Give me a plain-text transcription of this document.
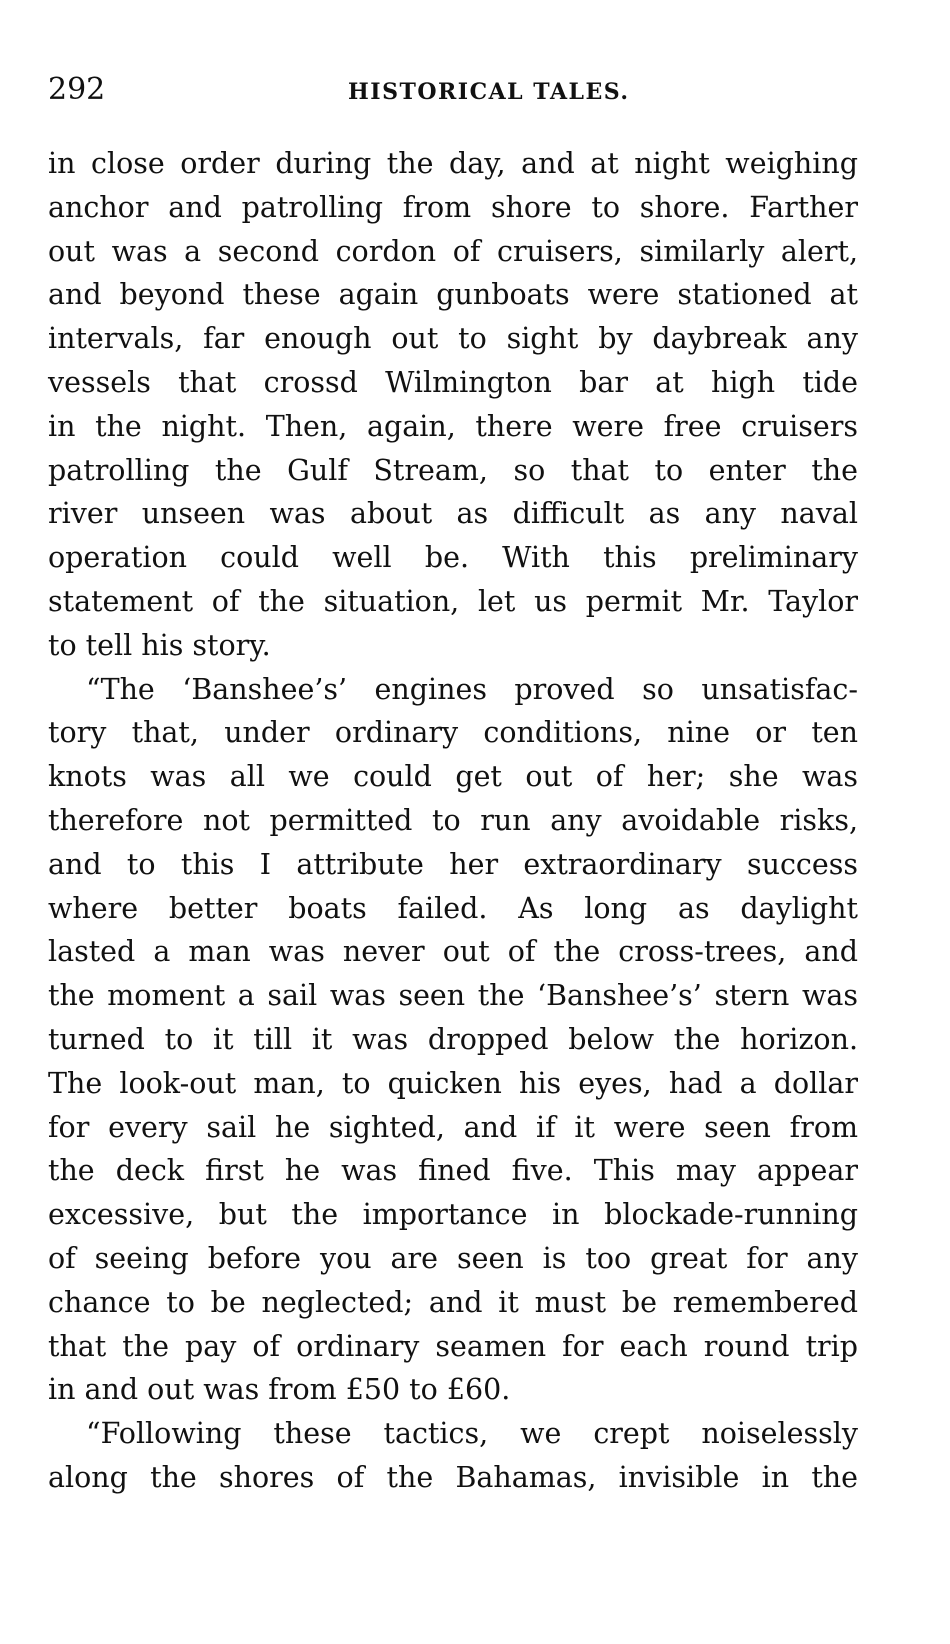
292	HISTORICAL TALES.
in close order during the day, and at night weighing
anchor and patrolling from shore to shore. Farther
out was a second cordon of cruisers, similarly alert,
and beyond these again gunboats were stationed at
intervals, far enough out to sight by daybreak any
vessels that crossd Wilmington bar at high tide
in the night. Then, again, there were free cruisers
patrolling the Gulf Stream, so that to enter the
river unseen was about as difficult as any naval
operation could well be. With this preliminary
statement of the situation, let us permit Mr. Taylor
to tell his story.
“The ‘Banshee’s’ engines proved so unsatisfac-
tory that, under ordinary conditions, nine or ten
knots was all we could get out of her; she was
therefore not permitted to run any avoidable risks,
and to this I attribute her extraordinary success
where better boats failed. As long as daylight
lasted a man was never out of the cross-trees, and
the moment a sail was seen the ‘Banshee’s’ stern was
turned to it till it was dropped below the horizon.
The look-out man, to quicken his eyes, had a dollar
for every sail he sighted, and if it were seen from
the deck first he was fined five. This may appear
excessive, but the importance in blockade-running
of seeing before you are seen is too great for any
chance to be neglected; and it must be remembered
that the pay of ordinary seamen for each round trip
in and out was from £50 to £60.
“Following these tactics, we crept noiselessly
along the shores of the Bahamas, invisible in the
